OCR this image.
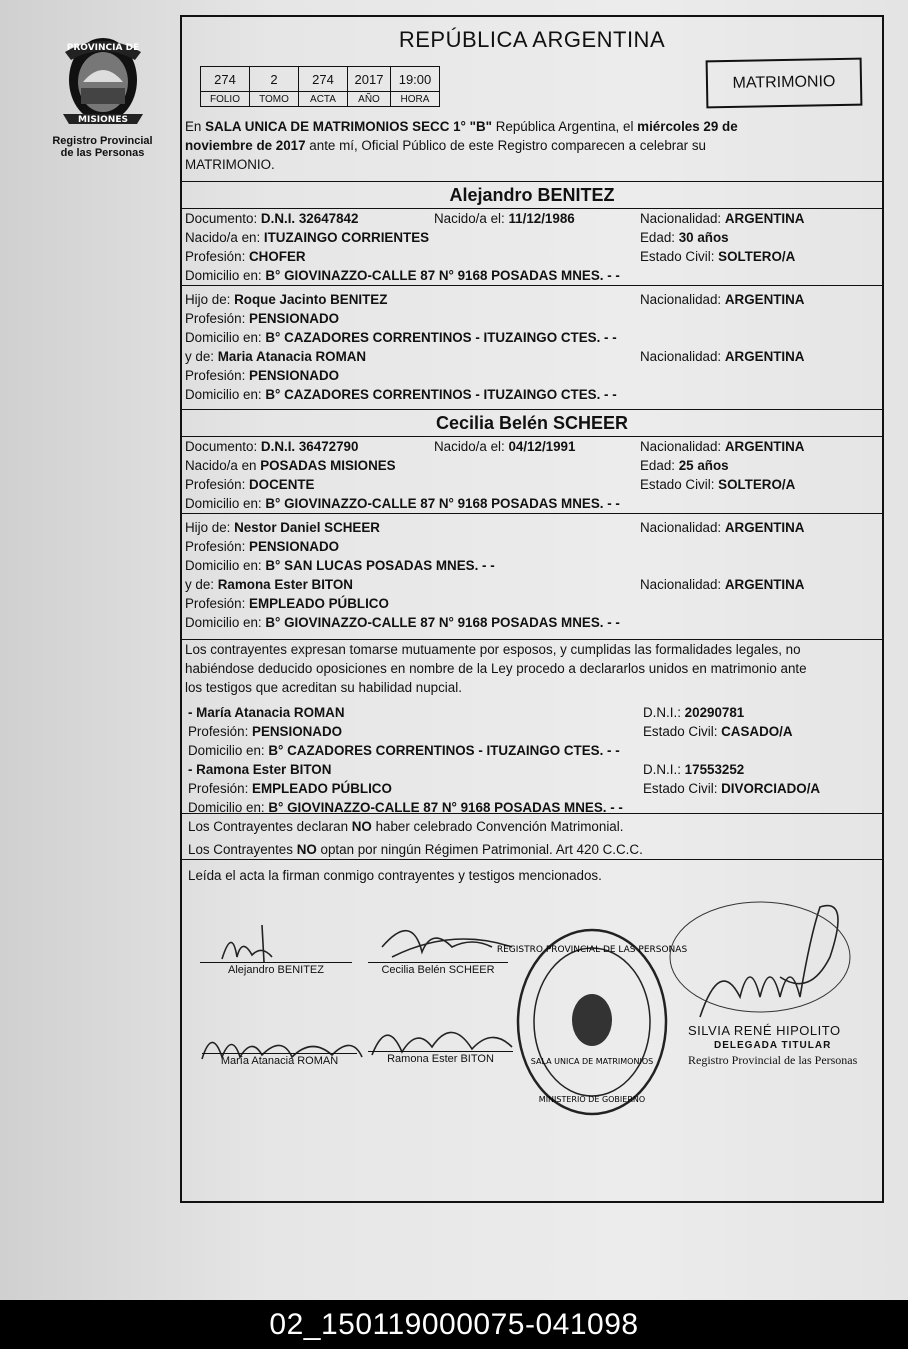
PROVINCIA DE
MISIONES
Registro Provincial
de las Personas
REPÚBLICA ARGENTINA
274	2	274	2017	19:00
FOLIO	TOMO	ACTA	AÑO	HORA
MATRIMONIO
En SALA UNICA DE MATRIMONIOS SECC 1° "B" República Argentina, el miércoles 29 de
noviembre de 2017 ante mí, Oficial Público de este Registro comparecen a celebrar su
MATRIMONIO.
Alejandro BENITEZ
Documento: D.N.I. 32647842	Nacido/a el: 11/12/1986	Nacionalidad: ARGENTINA
Nacido/a en: ITUZAINGO CORRIENTES	Edad: 30 años
Profesión: CHOFER	Estado Civil: SOLTERO/A
Domicilio en: B° GIOVINAZZO-CALLE 87 N° 9168 POSADAS MNES. - -
Hijo de: Roque Jacinto BENITEZ	Nacionalidad: ARGENTINA
Profesión: PENSIONADO
Domicilio en: B° CAZADORES CORRENTINOS - ITUZAINGO CTES. - -
y de: Maria Atanacia ROMAN	Nacionalidad: ARGENTINA
Profesión: PENSIONADO
Domicilio en: B° CAZADORES CORRENTINOS - ITUZAINGO CTES. - -
Cecilia Belén SCHEER
Documento: D.N.I. 36472790	Nacido/a el: 04/12/1991	Nacionalidad: ARGENTINA
Nacido/a en POSADAS MISIONES	Edad: 25 años
Profesión: DOCENTE	Estado Civil: SOLTERO/A
Domicilio en: B° GIOVINAZZO-CALLE 87 N° 9168 POSADAS MNES. - -
Hijo de: Nestor Daniel SCHEER	Nacionalidad: ARGENTINA
Profesión: PENSIONADO
Domicilio en: B° SAN LUCAS POSADAS MNES. - -
y de: Ramona Ester BITON	Nacionalidad: ARGENTINA
Profesión: EMPLEADO PÚBLICO
Domicilio en: B° GIOVINAZZO-CALLE 87 N° 9168 POSADAS MNES. - -
Los contrayentes expresan tomarse mutuamente por esposos, y cumplidas las formalidades legales, no
habiéndose deducido oposiciones en nombre de la Ley procedo a declararlos unidos en matrimonio ante
los testigos que acreditan su habilidad nupcial.
- María Atanacia ROMAN	D.N.I.: 20290781
Profesión: PENSIONADO	Estado Civil: CASADO/A
Domicilio en: B° CAZADORES CORRENTINOS - ITUZAINGO CTES. - -
- Ramona Ester BITON	D.N.I.: 17553252
Profesión: EMPLEADO PÚBLICO	Estado Civil: DIVORCIADO/A
Domicilio en: B° GIOVINAZZO-CALLE 87 N° 9168 POSADAS MNES. - -
Los Contrayentes declaran NO haber celebrado Convención Matrimonial.
Los Contrayentes NO optan por ningún Régimen Patrimonial. Art 420 C.C.C.
Leída el acta la firman conmigo contrayentes y testigos mencionados.
Alejandro BENITEZ	Cecilia Belén SCHEER
María Atanacia ROMAN	Ramona Ester BITON
REGISTRO PROVINCIAL DE LAS PERSONAS
SALA UNICA DE MATRIMONIOS
MINISTERIO DE GOBIERNO
SILVIA RENÉ HIPOLITO
DELEGADA TITULAR
Registro Provincial de las Personas
02_150119000075-041098
